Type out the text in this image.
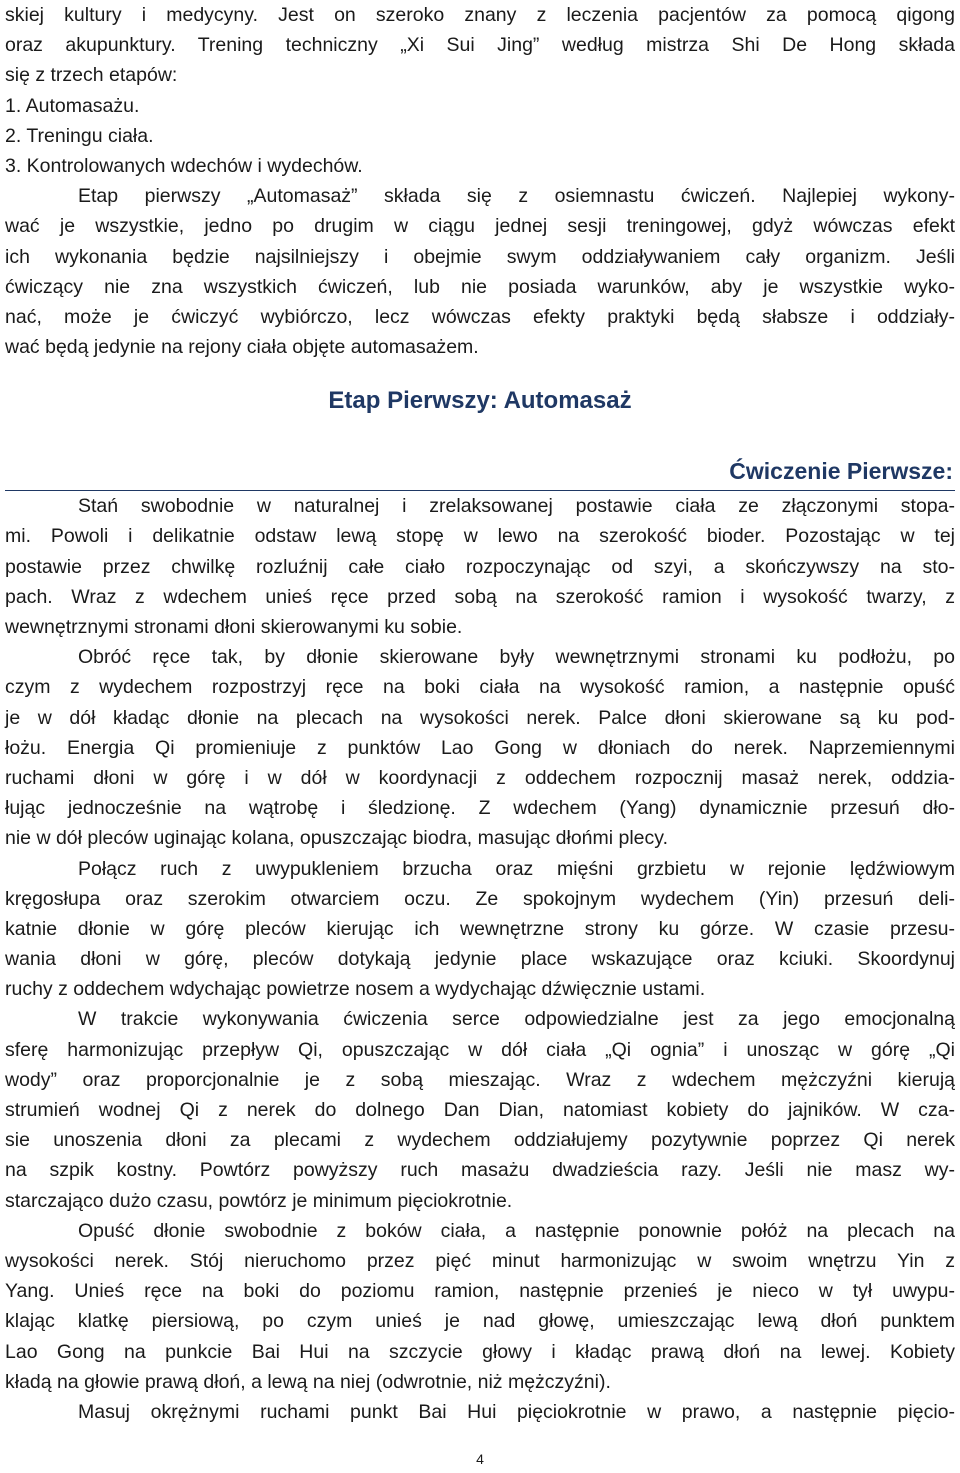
skiej kultury i medycyny. Jest on szeroko znany z leczenia pacjentów za pomocą qigong
oraz akupunktury. Trening techniczny „Xi Sui Jing” według mistrza Shi De Hong składa
się z trzech etapów:
1. Automasażu.
2. Treningu ciała.
3. Kontrolowanych wdechów i wydechów.
Etap pierwszy „Automasaż” składa się z osiemnastu ćwiczeń. Najlepiej wykony-
wać je wszystkie, jedno po drugim w ciągu jednej sesji treningowej, gdyż wówczas efekt
ich wykonania będzie najsilniejszy i obejmie swym oddziaływaniem cały organizm. Jeśli
ćwiczący nie zna wszystkich ćwiczeń, lub nie posiada warunków, aby je wszystkie wyko-
nać, może je ćwiczyć wybiórczo, lecz wówczas efekty praktyki będą słabsze i oddziały-
wać będą jedynie na rejony ciała objęte automasażem.
Etap Pierwszy: Automasaż
Ćwiczenie Pierwsze:
Stań swobodnie w naturalnej i zrelaksowanej postawie ciała ze złączonymi stopa-
mi. Powoli i delikatnie odstaw lewą stopę w lewo na szerokość bioder. Pozostając w tej
postawie przez chwilkę rozluźnij całe ciało rozpoczynając od szyi, a skończywszy na sto-
pach. Wraz z wdechem unieś ręce przed sobą na szerokość ramion i wysokość twarzy, z
wewnętrznymi stronami dłoni skierowanymi ku sobie.
Obróć ręce tak, by dłonie skierowane były wewnętrznymi stronami ku podłożu, po
czym z wydechem rozpostrzyj ręce na boki ciała na wysokość ramion, a następnie opuść
je w dół kładąc dłonie na plecach na wysokości nerek. Palce dłoni skierowane są ku pod-
łożu. Energia Qi promieniuje z punktów Lao Gong w dłoniach do nerek. Naprzemiennymi
ruchami dłoni w górę i w dół w koordynacji z oddechem rozpocznij masaż nerek, oddzia-
łując jednocześnie na wątrobę i śledzionę. Z wdechem (Yang) dynamicznie przesuń dło-
nie w dół pleców uginając kolana, opuszczając biodra, masując dłońmi plecy.
Połącz ruch z uwypukleniem brzucha oraz mięśni grzbietu w rejonie lędźwiowym
kręgosłupa oraz szerokim otwarciem oczu. Ze spokojnym wydechem (Yin) przesuń deli-
katnie dłonie w górę pleców kierując ich wewnętrzne strony ku górze. W czasie przesu-
wania dłoni w górę, pleców dotykają jedynie place wskazujące oraz kciuki. Skoordynuj
ruchy z oddechem wdychając powietrze nosem a wydychając dźwięcznie ustami.
W trakcie wykonywania ćwiczenia serce odpowiedzialne jest za jego emocjonalną
sferę harmonizując przepływ Qi, opuszczając w dół ciała „Qi ognia” i unosząc w górę „Qi
wody” oraz proporcjonalnie je z sobą mieszając. Wraz z wdechem mężczyźni kierują
strumień wodnej Qi z nerek do dolnego Dan Dian, natomiast kobiety do jajników. W cza-
sie unoszenia dłoni za plecami z wydechem oddziałujemy pozytywnie poprzez Qi nerek
na szpik kostny. Powtórz powyższy ruch masażu dwadzieścia razy. Jeśli nie masz wy-
starczająco dużo czasu, powtórz je minimum pięciokrotnie.
Opuść dłonie swobodnie z boków ciała, a następnie ponownie połóż na plecach na
wysokości nerek. Stój nieruchomo przez pięć minut harmonizując w swoim wnętrzu Yin z
Yang. Unieś ręce na boki do poziomu ramion, następnie przenieś je nieco w tył uwypu-
klając klatkę piersiową, po czym unieś je nad głowę, umieszczając lewą dłoń punktem
Lao Gong na punkcie Bai Hui na szczycie głowy i kładąc prawą dłoń na lewej. Kobiety
kładą na głowie prawą dłoń, a lewą na niej (odwrotnie, niż mężczyźni).
Masuj okrężnymi ruchami punkt Bai Hui pięciokrotnie w prawo, a następnie pięcio-
4
